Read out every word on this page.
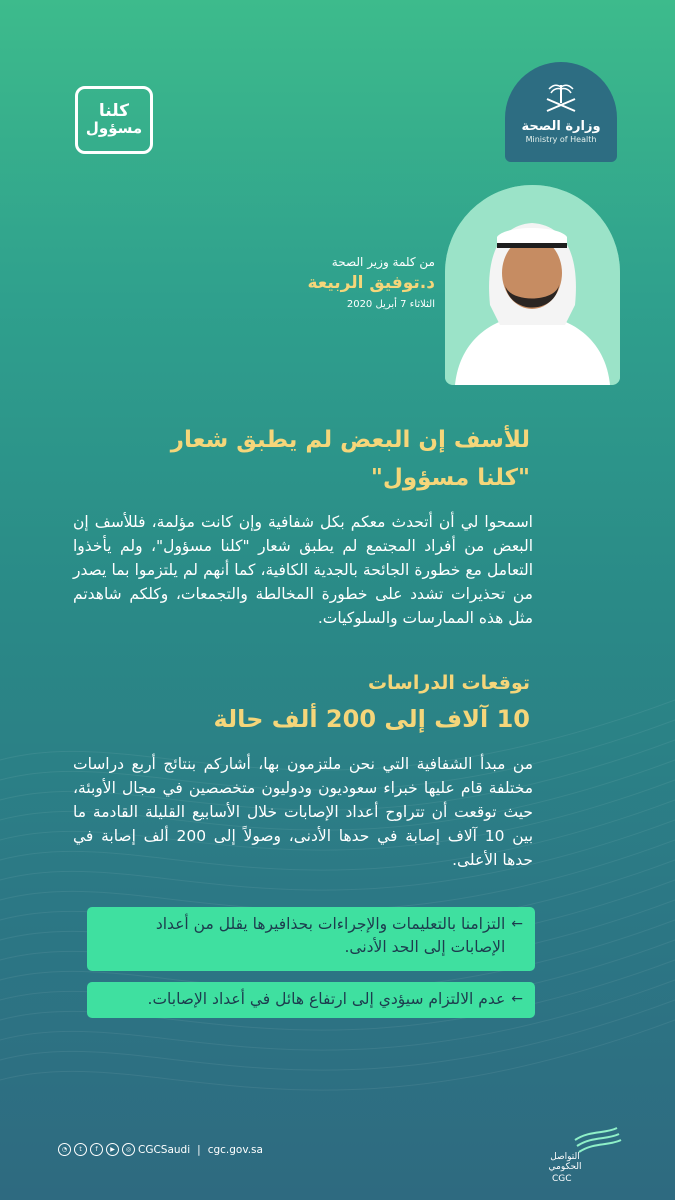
وزارة الصحة
Ministry of Health
كلنا
مسؤول
من كلمة وزير الصحة
د.توفيق الربيعة
الثلاثاء 7 أبريل 2020
للأسف إن البعض لم يطبق شعار
"كلنا مسؤول"
اسمحوا لي أن أتحدث معكم بكل شفافية وإن كانت مؤلمة، فللأسف إن البعض من أفراد المجتمع لم يطبق شعار "كلنا مسؤول"، ولم يأخذوا التعامل مع خطورة الجائحة بالجدية الكافية، كما أنهم لم يلتزموا بما يصدر من تحذيرات تشدد على خطورة المخالطة والتجمعات، وكلكم شاهدتم مثل هذه الممارسات والسلوكيات.
توقعات الدراسات
10 آلاف إلى 200 ألف حالة
من مبدأ الشفافية التي نحن ملتزمون بها، أشاركم بنتائج أربع دراسات مختلفة قام عليها خبراء سعوديون ودوليون متخصصين في مجال الأوبئة، حيث توقعت أن تتراوح أعداد الإصابات خلال الأسابيع القليلة القادمة ما بين 10 آلاف إصابة في حدها الأدنى، وصولاً إلى 200 ألف إصابة في حدها الأعلى.
←
التزامنا بالتعليمات والإجراءات بحذافيرها يقلل من أعداد الإصابات إلى الحد الأدنى.
←
عدم الالتزام سيؤدي إلى ارتفاع هائل في أعداد الإصابات.
◔	t	f	▶	◎ CGCSaudi | cgc.gov.sa
التواصل
الحكومي
CGC
